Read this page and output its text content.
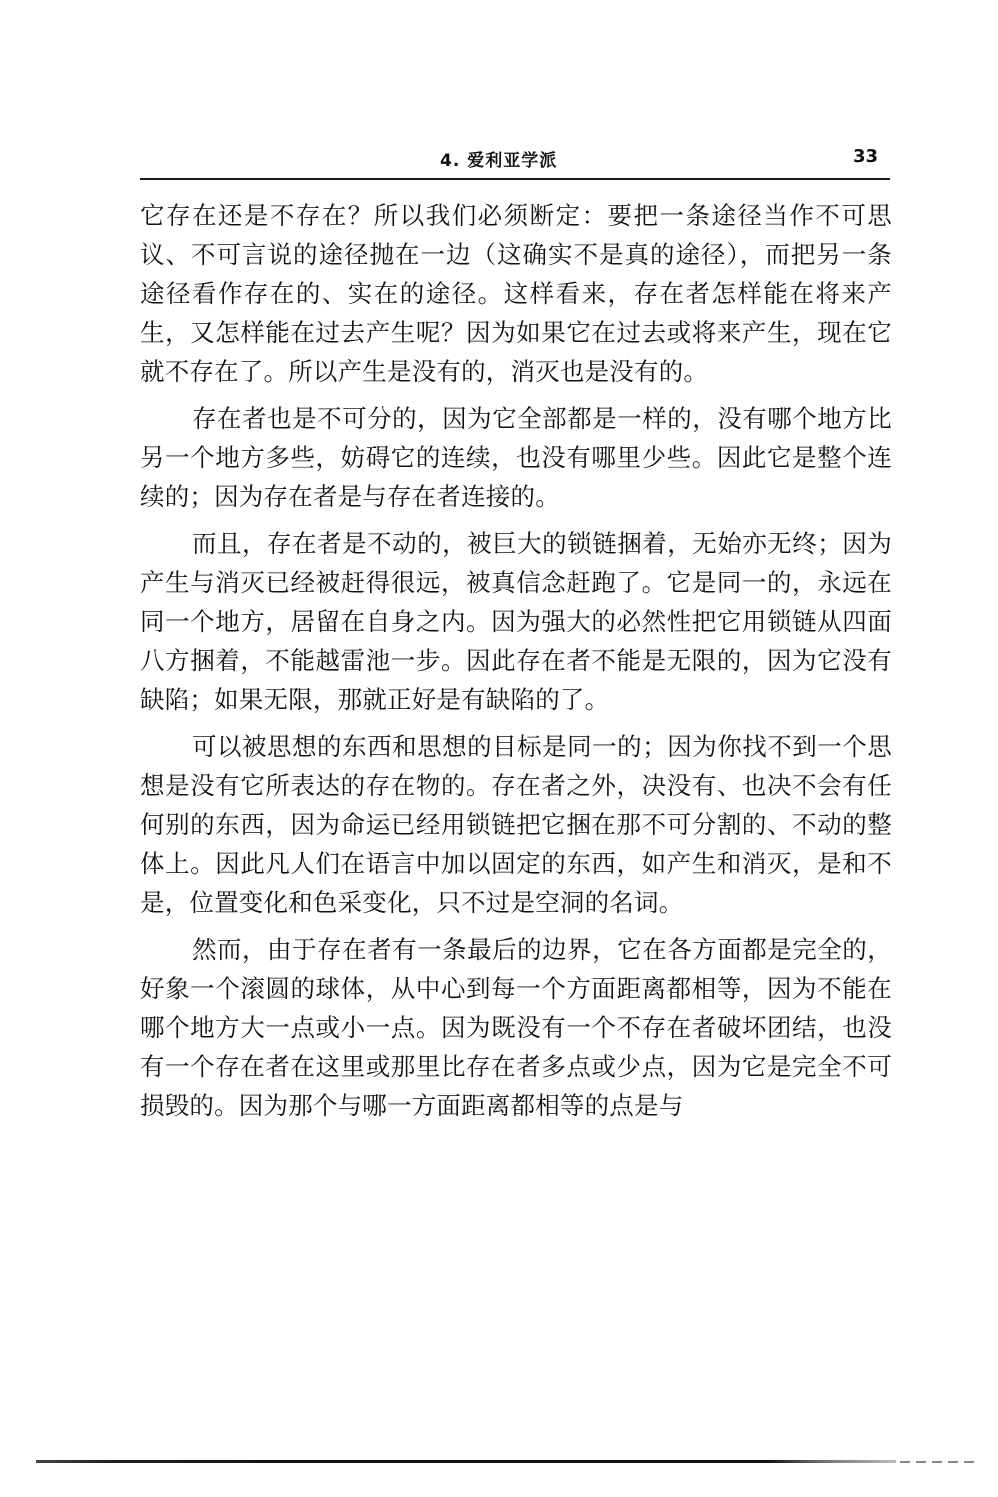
4. 爱利亚学派	33

它存在还是不存在？所以我们必须断定：要把一条途径当作不可思议、不可言说的途径抛在一边（这确实不是真的途径），而把另一条途径看作存在的、实在的途径。这样看来，存在者怎样能在将来产生，又怎样能在过去产生呢？因为如果它在过去或将来产生，现在它就不存在了。所以产生是没有的，消灭也是没有的。

存在者也是不可分的，因为它全部都是一样的，没有哪个地方比另一个地方多些，妨碍它的连续，也没有哪里少些。因此它是整个连续的；因为存在者是与存在者连接的。

而且，存在者是不动的，被巨大的锁链捆着，无始亦无终；因为产生与消灭已经被赶得很远，被真信念赶跑了。它是同一的，永远在同一个地方，居留在自身之内。因为强大的必然性把它用锁链从四面八方捆着，不能越雷池一步。因此存在者不能是无限的，因为它没有缺陷；如果无限，那就正好是有缺陷的了。

可以被思想的东西和思想的目标是同一的；因为你找不到一个思想是没有它所表达的存在物的。存在者之外，决没有、也决不会有任何别的东西，因为命运已经用锁链把它捆在那不可分割的、不动的整体上。因此凡人们在语言中加以固定的东西，如产生和消灭，是和不是，位置变化和色采变化，只不过是空洞的名词。

然而，由于存在者有一条最后的边界，它在各方面都是完全的，好象一个滚圆的球体，从中心到每一个方面距离都相等，因为不能在哪个地方大一点或小一点。因为既没有一个不存在者破坏团结，也没有一个存在者在这里或那里比存在者多点或少点，因为它是完全不可损毁的。因为那个与哪一方面距离都相等的点是与
